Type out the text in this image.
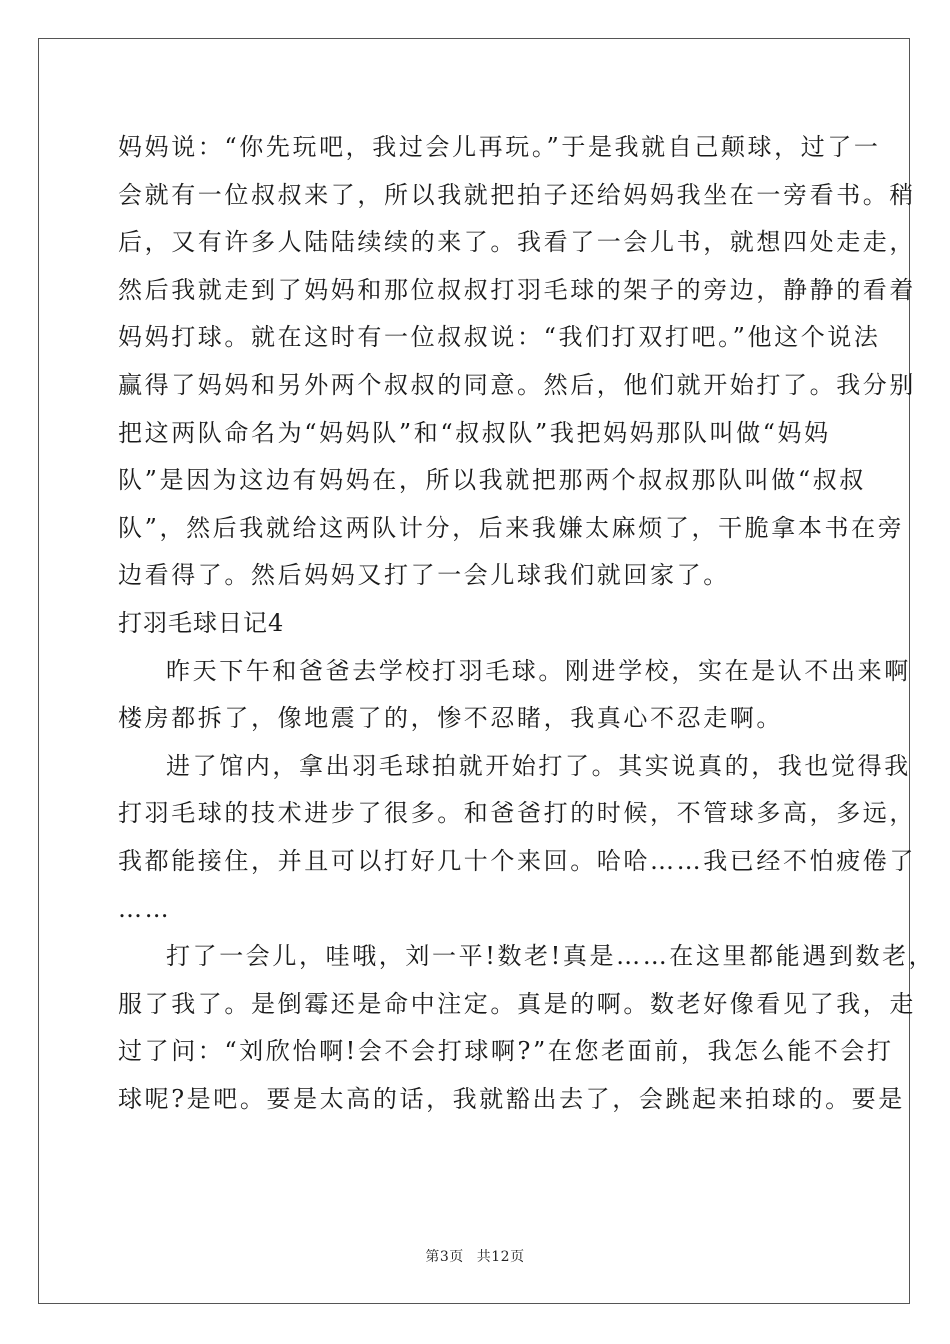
妈妈说：“你先玩吧，我过会儿再玩。”于是我就自己颠球，过了一
会就有一位叔叔来了，所以我就把拍子还给妈妈我坐在一旁看书。稍
后，又有许多人陆陆续续的来了。我看了一会儿书，就想四处走走，
然后我就走到了妈妈和那位叔叔打羽毛球的架子的旁边，静静的看着
妈妈打球。就在这时有一位叔叔说：“我们打双打吧。”他这个说法
赢得了妈妈和另外两个叔叔的同意。然后，他们就开始打了。我分别
把这两队命名为“妈妈队”和“叔叔队”我把妈妈那队叫做“妈妈
队”是因为这边有妈妈在，所以我就把那两个叔叔那队叫做“叔叔
队”，然后我就给这两队计分，后来我嫌太麻烦了，干脆拿本书在旁
边看得了。然后妈妈又打了一会儿球我们就回家了。
打羽毛球日记4
昨天下午和爸爸去学校打羽毛球。刚进学校，实在是认不出来啊
楼房都拆了，像地震了的，惨不忍睹，我真心不忍走啊。
进了馆内，拿出羽毛球拍就开始打了。其实说真的，我也觉得我
打羽毛球的技术进步了很多。和爸爸打的时候，不管球多高，多远，
我都能接住，并且可以打好几十个来回。哈哈……我已经不怕疲倦了
……
打了一会儿，哇哦，刘一平!数老!真是……在这里都能遇到数老，
服了我了。是倒霉还是命中注定。真是的啊。数老好像看见了我，走
过了问：“刘欣怡啊!会不会打球啊?”在您老面前，我怎么能不会打
球呢?是吧。要是太高的话，我就豁出去了，会跳起来拍球的。要是
第3页 共12页
